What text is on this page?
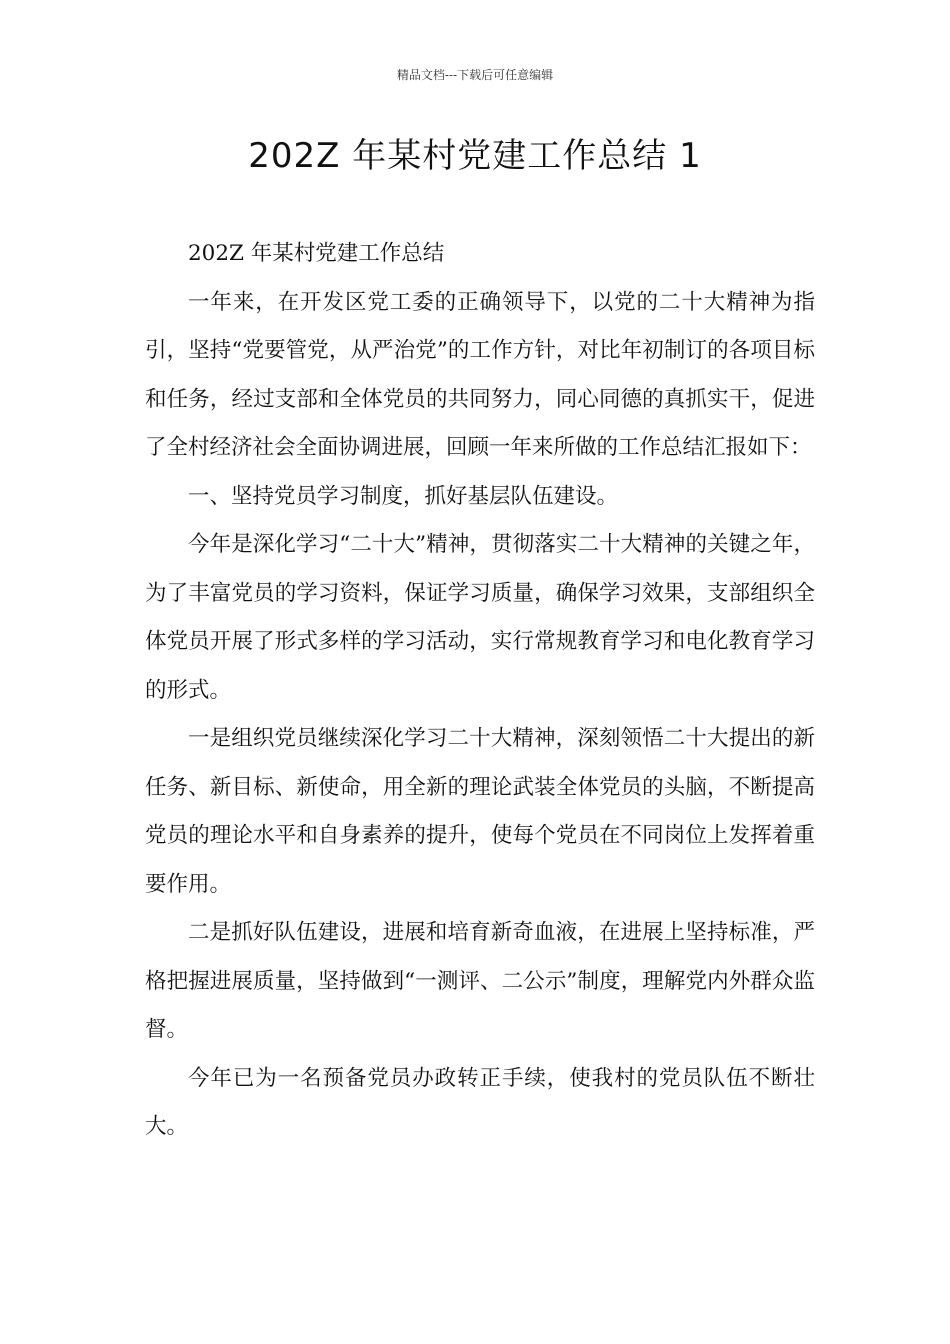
精品文档---下载后可任意编辑
202Z 年某村党建工作总结 1

202Z 年某村党建工作总结

一年来，在开发区党工委的正确领导下，以党的二十大精神为指引，坚持“党要管党，从严治党”的工作方针，对比年初制订的各项目标和任务，经过支部和全体党员的共同努力，同心同德的真抓实干，促进了全村经济社会全面协调进展，回顾一年来所做的工作总结汇报如下：

一、坚持党员学习制度，抓好基层队伍建设。

今年是深化学习“二十大”精神，贯彻落实二十大精神的关键之年，为了丰富党员的学习资料，保证学习质量，确保学习效果，支部组织全体党员开展了形式多样的学习活动，实行常规教育学习和电化教育学习的形式。

一是组织党员继续深化学习二十大精神，深刻领悟二十大提出的新任务、新目标、新使命，用全新的理论武装全体党员的头脑，不断提高党员的理论水平和自身素养的提升，使每个党员在不同岗位上发挥着重要作用。

二是抓好队伍建设，进展和培育新奇血液，在进展上坚持标准，严格把握进展质量，坚持做到“一测评、二公示”制度，理解党内外群众监督。

今年已为一名预备党员办政转正手续，使我村的党员队伍不断壮大。
